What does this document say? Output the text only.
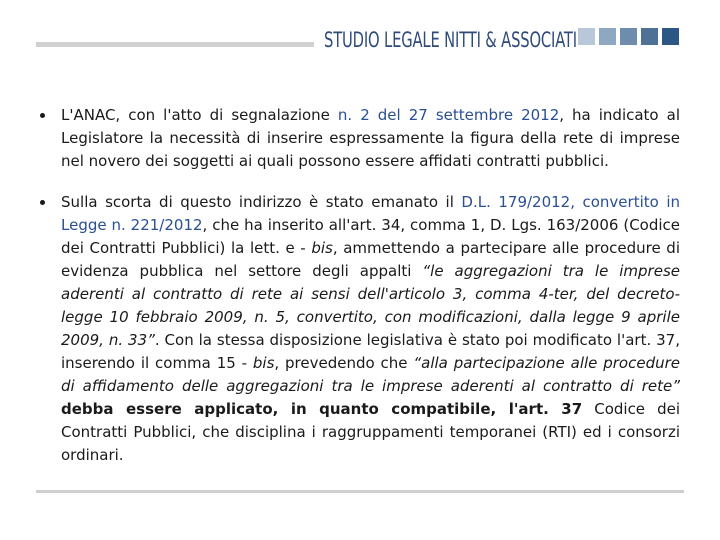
STUDIO LEGALE NITTI & ASSOCIATI
L'ANAC, con l'atto di segnalazione n. 2 del 27 settembre 2012, ha indicato al Legislatore la necessità di inserire espressamente la figura della rete di imprese nel novero dei soggetti ai quali possono essere affidati contratti pubblici.
Sulla scorta di questo indirizzo è stato emanato il D.L. 179/2012, convertito in Legge n. 221/2012, che ha inserito all'art. 34, comma 1, D. Lgs. 163/2006 (Codice dei Contratti Pubblici) la lett. e - bis, ammettendo a partecipare alle procedure di evidenza pubblica nel settore degli appalti “le aggregazioni tra le imprese aderenti al contratto di rete ai sensi dell'articolo 3, comma 4-ter, del decreto-legge 10 febbraio 2009, n. 5, convertito, con modificazioni, dalla legge 9 aprile 2009, n. 33”. Con la stessa disposizione legislativa è stato poi modificato l'art. 37, inserendo il comma 15 - bis, prevedendo che “alla partecipazione alle procedure di affidamento delle aggregazioni tra le imprese aderenti al contratto di rete” debba essere applicato, in quanto compatibile, l'art. 37 Codice dei Contratti Pubblici, che disciplina i raggruppamenti temporanei (RTI) ed i consorzi ordinari.
